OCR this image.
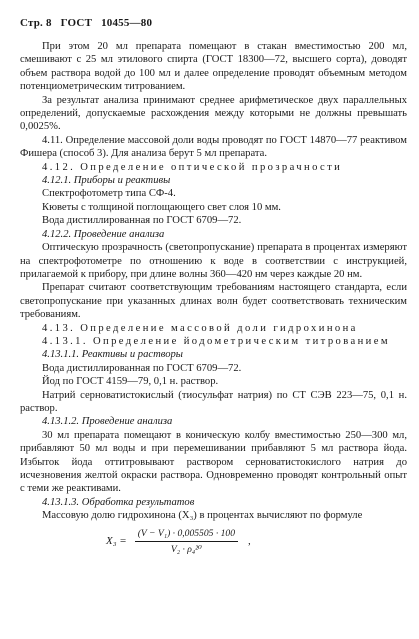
Стр. 8 ГОСТ 10455—80

При этом 20 мл препарата помещают в стакан вместимостью 200 мл, смешивают с 25 мл этилового спирта (ГОСТ 18300—72, высшего сорта), доводят объем раствора водой до 100 мл и далее определение проводят объемным методом потенциометрическим титрованием.

За результат анализа принимают среднее арифметическое двух параллельных определений, допускаемые расхождения между которыми не должны превышать 0,0025%.

4.11. Определение массовой доли воды проводят по ГОСТ 14870—77 реактивом Фишера (способ 3). Для анализа берут 5 мл препарата.

4.12. Определение оптической прозрачности

4.12.1. Приборы и реактивы

Спектрофотометр типа СФ-4.

Кюветы с толщиной поглощающего свет слоя 10 мм.

Вода дистиллированная по ГОСТ 6709—72.

4.12.2. Проведение анализа

Оптическую прозрачность (светопропускание) препарата в процентах измеряют на спектрофотометре по отношению к воде в соответствии с инструкцией, прилагаемой к прибору, при длине волны 360—420 нм через каждые 20 нм.

Препарат считают соответствующим требованиям настоящего стандарта, если светопропускание при указанных длинах волн будет соответствовать техническим требованиям.

4.13. Определение массовой доли гидрохинона

4.13.1. Определение йодометрическим титрованием

4.13.1.1. Реактивы и растворы

Вода дистиллированная по ГОСТ 6709—72.

Йод по ГОСТ 4159—79, 0,1 н. раствор.

Натрий серноватистокислый (тиосульфат натрия) по СТ СЭВ 223—75, 0,1 н. раствор.

4.13.1.2. Проведение анализа

30 мл препарата помещают в коническую колбу вместимостью 250—300 мл, прибавляют 50 мл воды и при перемешивании прибавляют 5 мл раствора йода. Избыток йода оттитровывают раствором серноватистокислого натрия до исчезновения желтой окраски раствора. Одновременно проводят контрольный опыт с теми же реактивами.

4.13.1.3. Обработка результатов

Массовую долю гидрохинона (X₃) в процентах вычисляют по формуле

$X_3 = \frac{\text{(V − V₁) · 0,005505 · 100}}{\text{V₂ · ρ₄²⁰}}$ ,
